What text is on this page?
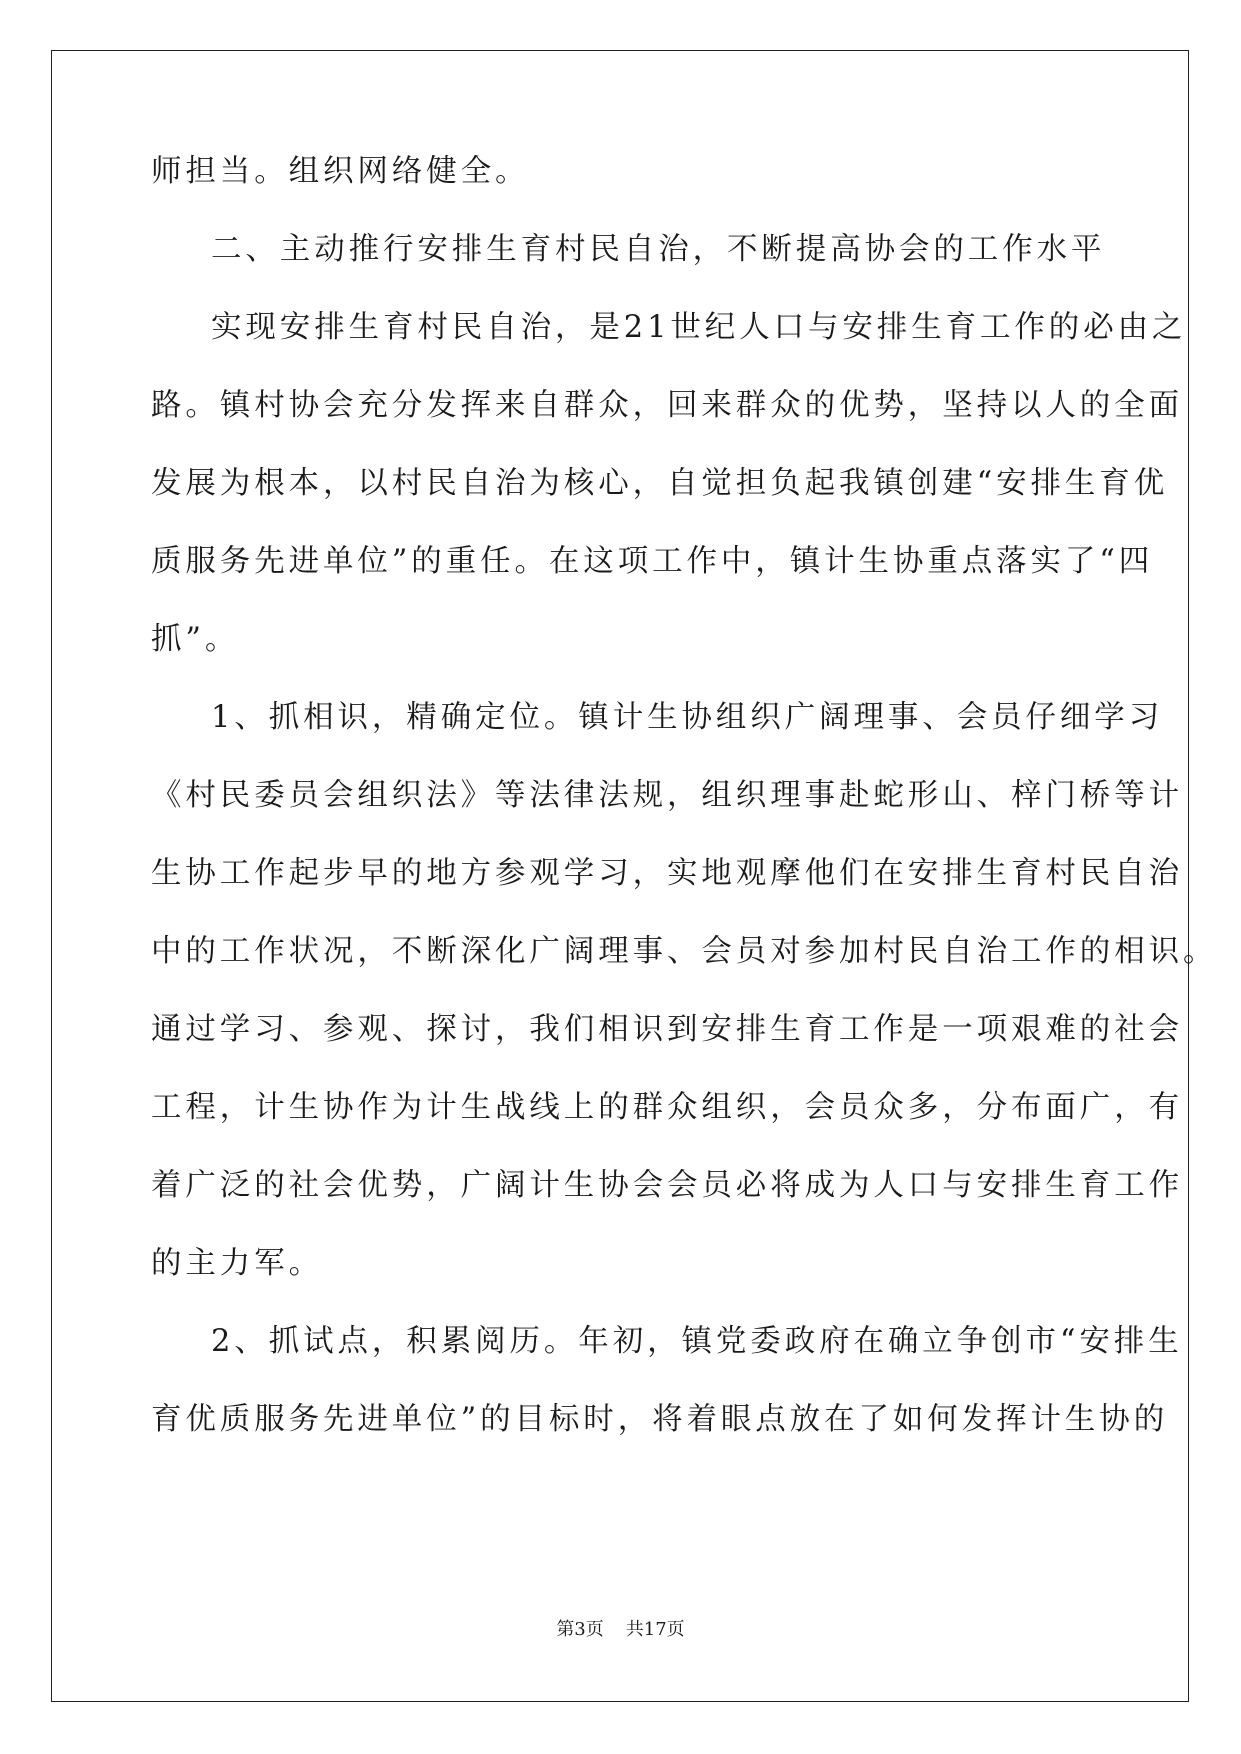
师担当。组织网络健全。
二、主动推行安排生育村民自治，不断提高协会的工作水平
实现安排生育村民自治，是21世纪人口与安排生育工作的必由之
路。镇村协会充分发挥来自群众，回来群众的优势，坚持以人的全面
发展为根本，以村民自治为核心，自觉担负起我镇创建“安排生育优
质服务先进单位”的重任。在这项工作中，镇计生协重点落实了“四
抓”。
1、抓相识，精确定位。镇计生协组织广阔理事、会员仔细学习
《村民委员会组织法》等法律法规，组织理事赴蛇形山、梓门桥等计
生协工作起步早的地方参观学习，实地观摩他们在安排生育村民自治
中的工作状况，不断深化广阔理事、会员对参加村民自治工作的相识。
通过学习、参观、探讨，我们相识到安排生育工作是一项艰难的社会
工程，计生协作为计生战线上的群众组织，会员众多，分布面广，有
着广泛的社会优势，广阔计生协会会员必将成为人口与安排生育工作
的主力军。
2、抓试点，积累阅历。年初，镇党委政府在确立争创市“安排生
育优质服务先进单位”的目标时，将着眼点放在了如何发挥计生协的
第3页 共17页
